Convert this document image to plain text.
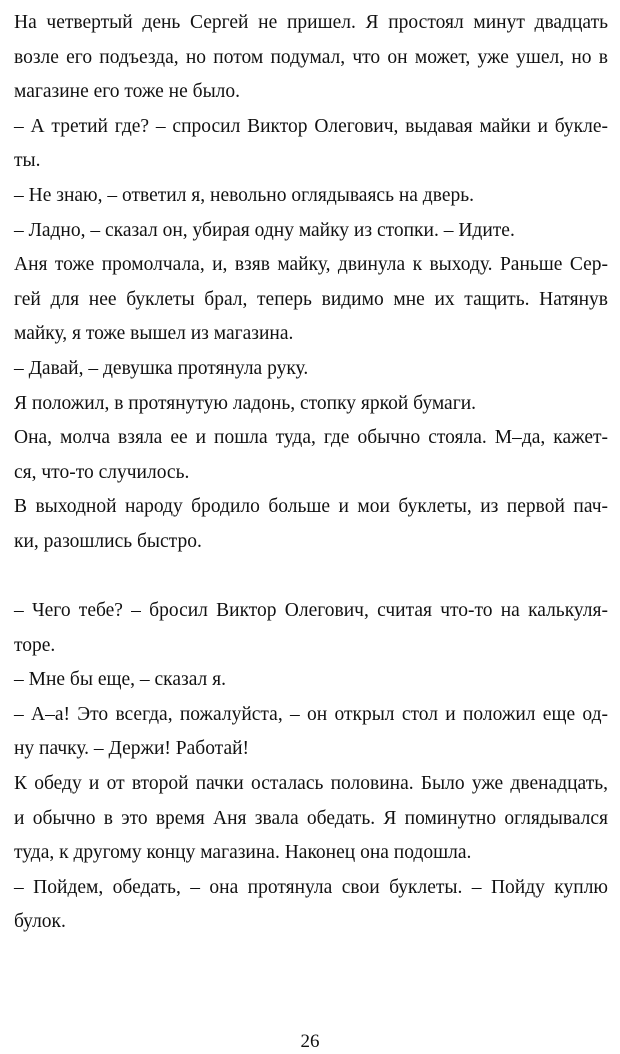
На четвертый день Сергей не пришел. Я простоял минут двадцать
возле его подъезда, но потом подумал, что он может, уже ушел, но в
магазине его тоже не было.
– А третий где? – спросил Виктор Олегович, выдавая майки и букле-
ты.
– Не знаю, – ответил я, невольно оглядываясь на дверь.
– Ладно, – сказал он, убирая одну майку из стопки. – Идите.
Аня тоже промолчала, и, взяв майку, двинула к выходу. Раньше Сер-
гей для нее буклеты брал, теперь видимо мне их тащить. Натянув
майку, я тоже вышел из магазина.
– Давай, – девушка протянула руку.
Я положил, в протянутую ладонь, стопку яркой бумаги.
Она, молча взяла ее и пошла туда, где обычно стояла. М–да, кажет-
ся, что-то случилось.
В выходной народу бродило больше и мои буклеты, из первой пач-
ки, разошлись быстро.
– Чего тебе? – бросил Виктор Олегович, считая что-то на калькуля-
торе.
– Мне бы еще, – сказал я.
– А–а! Это всегда, пожалуйста, – он открыл стол и положил еще од-
ну пачку. – Держи! Работай!
К обеду и от второй пачки осталась половина. Было уже двенадцать,
и обычно в это время Аня звала обедать. Я поминутно оглядывался
туда, к другому концу магазина. Наконец она подошла.
– Пойдем, обедать, – она протянула свои буклеты. – Пойду куплю
булок.
26
